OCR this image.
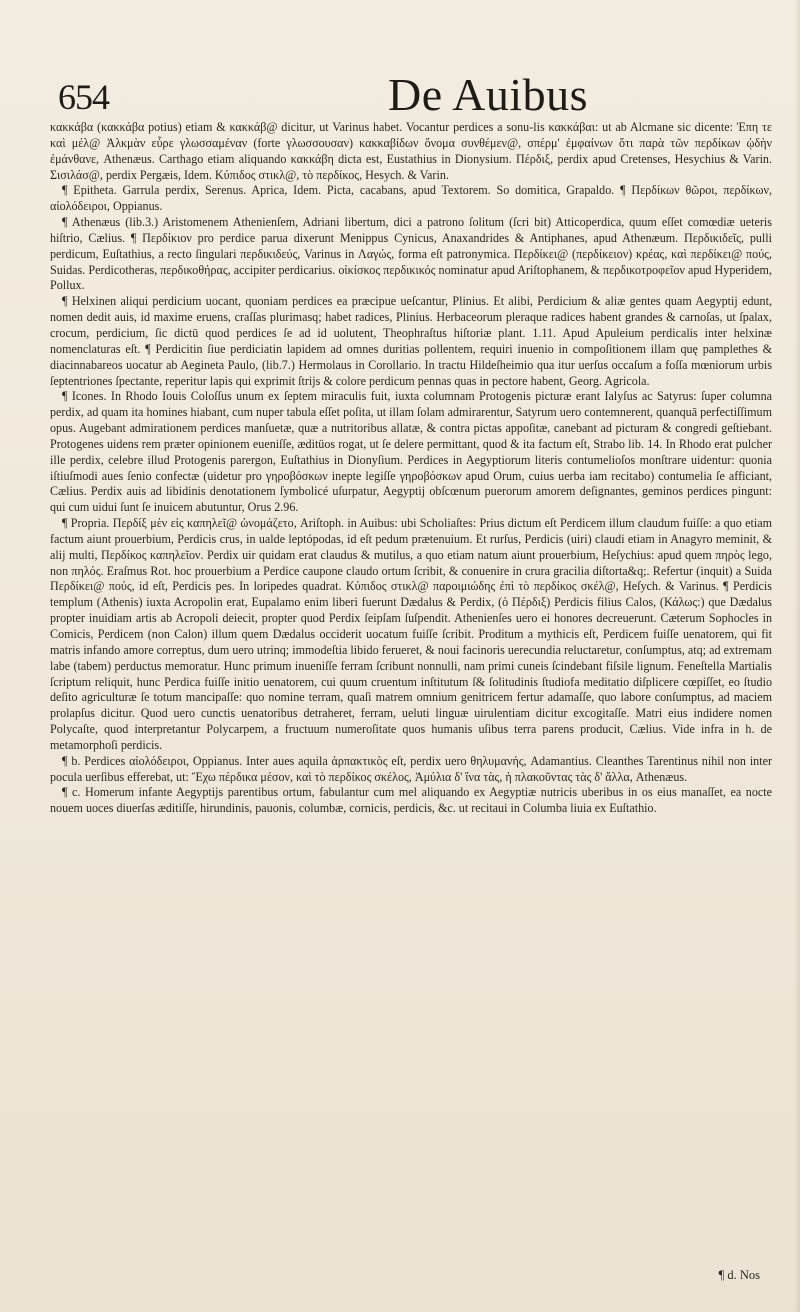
654	De Auibus

κακκάβα (κακκάβα potius) etiam & κακκάβ@ dicitur, ut Varinus habet. Vocantur perdices a sonu-lis κακκάβαι: ut ab Alcmane sic dicente: Ἐπη τε καὶ μέλ@ Ἀλκμὰν εὗρε γλωσσαμέναν (forte γλωσσουσαν) κακκαβίδων ὄνομα συνθέμεν@, σπέρμ' ἐμφαίνων ὅτι παρὰ τῶν περδίκων ᾠδὴν ἐμάνθανε, Athenæus. Carthago etiam aliquando κακκάβη dicta est, Eustathius in Dionysium. Πέρδιξ, perdix apud Cretenses, Hesychius & Varin. Σισιλάσ@, perdix Pergæis, Idem. Κύπιδος στικλ@, τὸ περδίκος, Hesych. & Varin.

¶ Epitheta. Garrula perdix, Serenus. Aprica, Idem. Picta, cacabans, apud Textorem. So domitica, Grapaldo. ¶ Περδίκων θῶροι, περδίκων, αἰολόδειροι, Oppianus.

¶ Athenæus (lib.3.) Aristomenem Athenienſem, Adriani libertum, dici a patrono ſolitum (ſcri bit) Atticoperdica, quum eſſet comœdiæ ueteris hiſtrio, Cælius. ¶ Περδίκιον pro perdice parua dixerunt Menippus Cynicus, Anaxandrides & Antiphanes, apud Athenæum. Περδικιδεῖς, pulli perdicum, Euſtathius, a recto ſingulari περδικιδεύς, Varinus in Λαγώς, forma eſt patronymica. Περδίκει@ (περδίκειον) κρέας, καὶ περδίκει@ πούς, Suidas. Perdicotheras, περδικοθήρας, accipiter perdicarius. οἰκίσκος περδικικός nominatur apud Ariſtophanem, & περδικοτροφεῖον apud Hyperidem, Pollux.

¶ Helxinen aliqui perdicium uocant, quoniam perdices ea præcipue ueſcantur, Plinius. Et alibi, Perdicium & aliæ gentes quam Aegyptij edunt, nomen dedit auis, id maxime eruens, craſſas plurimasq; habet radices, Plinius. Herbaceorum pleraque radices habent grandes & carnoſas, ut ſpalax, crocum, perdicium, ſic dictū quod perdices ſe ad id uolutent, Theophraſtus hiſtoriæ plant. 1.11. Apud Apuleium perdicalis inter helxinæ nomenclaturas eſt. ¶ Perdicitin ſiue perdiciatin lapidem ad omnes duritias pollentem, requiri inuenio in compoſitionem illam quę pamplethes & diacinnabareos uocatur ab Aegineta Paulo, (lib.7.) Hermolaus in Corollario. In tractu Hildeſheimio qua itur uerſus occaſum a foſſa mœniorum urbis ſeptentriones ſpectante, reperitur lapis qui exprimit ſtrijs & colore perdicum pennas quas in pectore habent, Georg. Agricola.

¶ Icones. In Rhodo Iouis Coloſſus unum ex ſeptem miraculis fuit, iuxta columnam Protogenis picturæ erant Ialyſus ac Satyrus: ſuper columna perdix, ad quam ita homines hiabant, cum nuper tabula eſſet poſita, ut illam ſolam admirarentur, Satyrum uero contemnerent, quanquā perfectiſſimum opus. Augebant admirationem perdices manſuetæ, quæ a nutritoribus allatæ, & contra pictas appoſitæ, canebant ad picturam & congredi geſtiebant. Protogenes uidens rem præter opinionem eueniſſe, æditüos rogat, ut ſe delere permittant, quod & ita factum eſt, Strabo lib. 14. In Rhodo erat pulcher ille perdix, celebre illud Protogenis parergon, Euſtathius in Dionyſium. Perdices in Aegyptiorum literis contumelioſos monſtrare uidentur: quonia iſtiuſmodi aues ſenio confectæ (uidetur pro γηροβόσκων inepte legiſſe γηροβόσκων apud Orum, cuius uerba iam recitabo) contumelia ſe afficiant, Cælius. Perdix auis ad libidinis denotationem ſymbolicé uſurpatur, Aegyptij obſcœnum puerorum amorem deſignantes, geminos perdices pingunt: qui cum uidui ſunt ſe inuicem abutuntur, Orus 2.96.

¶ Propria. Περδίξ μὲν εἰς καπηλεῖ@ ὠνομάζετο, Ariſtoph. in Auibus: ubi Scholiaſtes: Prius dictum eſt Perdicem illum claudum fuiſſe: a quo etiam factum aiunt prouerbium, Perdicis crus, in ualde leptópodas, id eſt pedum prætenuium. Et rurſus, Perdicis (uiri) claudi etiam in Anagyro meminit, & alij multi, Περδίκος καπηλεῖον. Perdix uir quidam erat claudus & mutilus, a quo etiam natum aiunt prouerbium, Heſychius: apud quem πηρὸς lego, non πηλός. Eraſmus Rot. hoc prouerbium a Perdice caupone claudo ortum ſcribit, & conuenire in crura gracilia diſtorta&q;. Refertur (inquit) a Suida Περδίκει@ πούς, id eſt, Perdicis pes. In loripedes quadrat. Κύπιδος στικλ@ παροιμιώδης ἐπὶ τὸ περδίκος σκέλ@, Heſych. & Varinus. ¶ Perdicis templum (Athenis) iuxta Acropolin erat, Eupalamo enim liberi fuerunt Dædalus & Perdix, (ὁ Πέρδιξ) Perdicis filius Calos, (Κάλως:) que Dædalus propter inuidiam artis ab Acropoli deiecit, propter quod Perdix ſeipſam ſuſpendit. Athenienſes uero ei honores decreuerunt. Cæterum Sophocles in Comicis, Perdicem (non Calon) illum quem Dædalus occiderit uocatum fuiſſe ſcribit. Proditum a mythicis eſt, Perdicem fuiſſe uenatorem, qui fit matris infando amore correptus, dum uero utrinq; immodeſtia libido ferueret, & noui facinoris uerecundia reluctaretur, conſumptus, atq; ad extremam labe (tabem) perductus memoratur. Hunc primum inueniſſe ferram ſcribunt nonnulli, nam primi cuneis ſcindebant fiſsile lignum. Feneſtella Martialis ſcriptum reliquit, hunc Perdica fuiſſe initio uenatorem, cui quum cruentum inſtitutum ſ& ſolitudinis ſtudiofa meditatio diſplicere cœpiſſet, eo ſtudio deſito agriculturæ ſe totum mancipaſſe: quo nomine terram, quaſi matrem omnium genitricem fertur adamaſſe, quo labore conſumptus, ad maciem prolapſus dicitur. Quod uero cunctis uenatoribus detraheret, ferram, ueluti linguæ uirulentiam dicitur excogitaſſe. Matri eius indidere nomen Polycaſte, quod interpretantur Polycarpem, a fructuum numeroſitate quos humanis uſibus terra parens producit, Cælius. Vide infra in h. de metamorphoſi perdicis.

¶ b. Perdices αἰολόδειροι, Oppianus. Inter aues aquila ἁρπακτικὸς eſt, perdix uero θηλυμανής, Adamantius. Cleanthes Tarentinus nihil non inter pocula uerſibus efferebat, ut: Ἔχω πέρδικα μέσον, καὶ τὸ περδίκος σκέλος, Ἀμύλια δ' ἵνα τὰς, ἡ πλακοῦντας τὰς δ' ἄλλα, Athenæus.

¶ c. Homerum infante Aegyptijs parentibus ortum, fabulantur cum mel aliquando ex Aegyptiæ nutricis uberibus in os eius manaſſet, ea nocte nouem uoces diuerſas æditiſſe, hirundinis, pauonis, columbæ, cornicis, perdicis, &c. ut recitaui in Columba liuia ex Euſtathio.

¶ d. Nos
